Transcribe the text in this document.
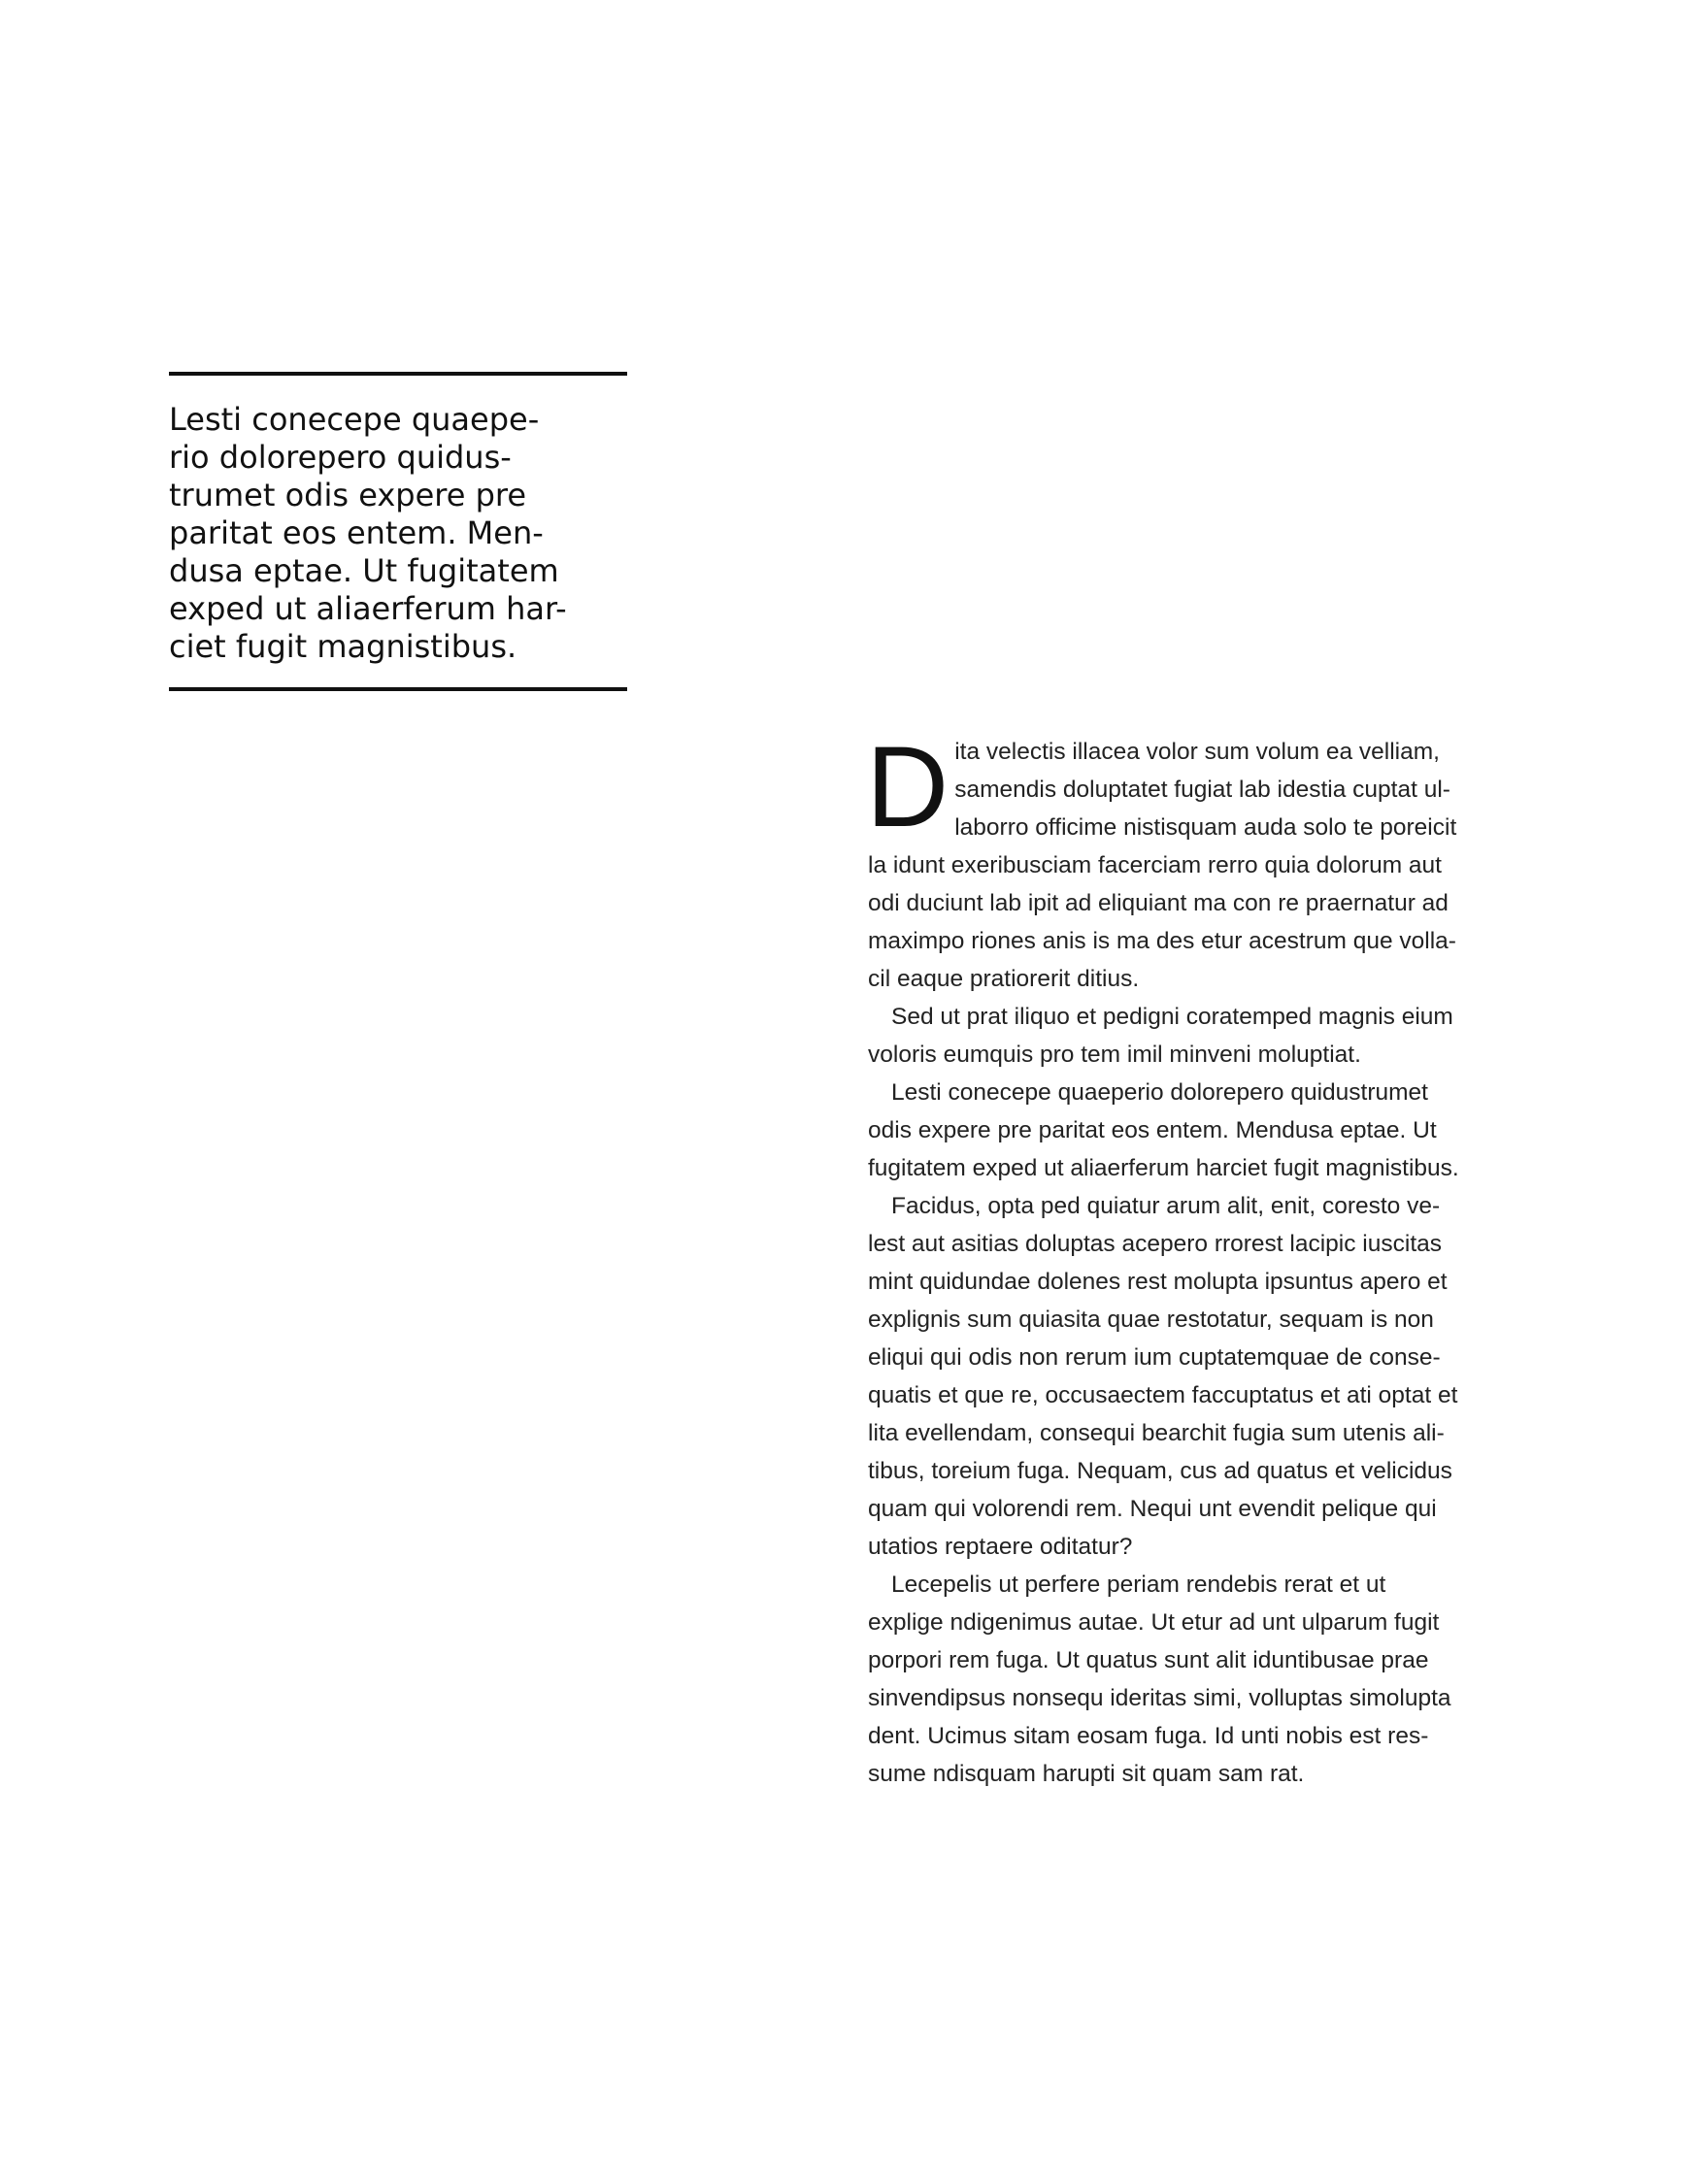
Lesti conecepe quaepe-
rio dolorepero quidus-
trumet odis expere pre
paritat eos entem. Men-
dusa eptae. Ut fugitatem
exped ut aliaerferum har-
ciet fugit magnistibus.

Dita velectis illacea volor sum volum ea velliam,
samendis doluptatet fugiat lab idestia cuptat ul-
laborro officime nistisquam auda solo te poreicit
la idunt exeribusciam facerciam rerro quia dolorum aut
odi duciunt lab ipit ad eliquiant ma con re praernatur ad
maximpo riones anis is ma des etur acestrum que volla-
cil eaque pratiorerit ditius.

Sed ut prat iliquo et pedigni coratemped magnis eium
voloris eumquis pro tem imil minveni moluptiat.

Lesti conecepe quaeperio dolorepero quidustrumet
odis expere pre paritat eos entem. Mendusa eptae. Ut
fugitatem exped ut aliaerferum harciet fugit magnistibus.

Facidus, opta ped quiatur arum alit, enit, coresto ve-
lest aut asitias doluptas acepero rrorest lacipic iuscitas
mint quidundae dolenes rest molupta ipsuntus apero et
explignis sum quiasita quae restotatur, sequam is non
eliqui qui odis non rerum ium cuptatemquae de conse-
quatis et que re, occusaectem faccuptatus et ati optat et
lita evellendam, consequi bearchit fugia sum utenis ali-
tibus, toreium fuga. Nequam, cus ad quatus et velicidus
quam qui volorendi rem. Nequi unt evendit pelique qui
utatios reptaere oditatur?

Lecepelis ut perfere periam rendebis rerat et ut
explige ndigenimus autae. Ut etur ad unt ulparum fugit
porpori rem fuga. Ut quatus sunt alit iduntibusae prae
sinvendipsus nonsequ ideritas simi, volluptas simolupta
dent. Ucimus sitam eosam fuga. Id unti nobis est res-
sume ndisquam harupti sit quam sam rat.
